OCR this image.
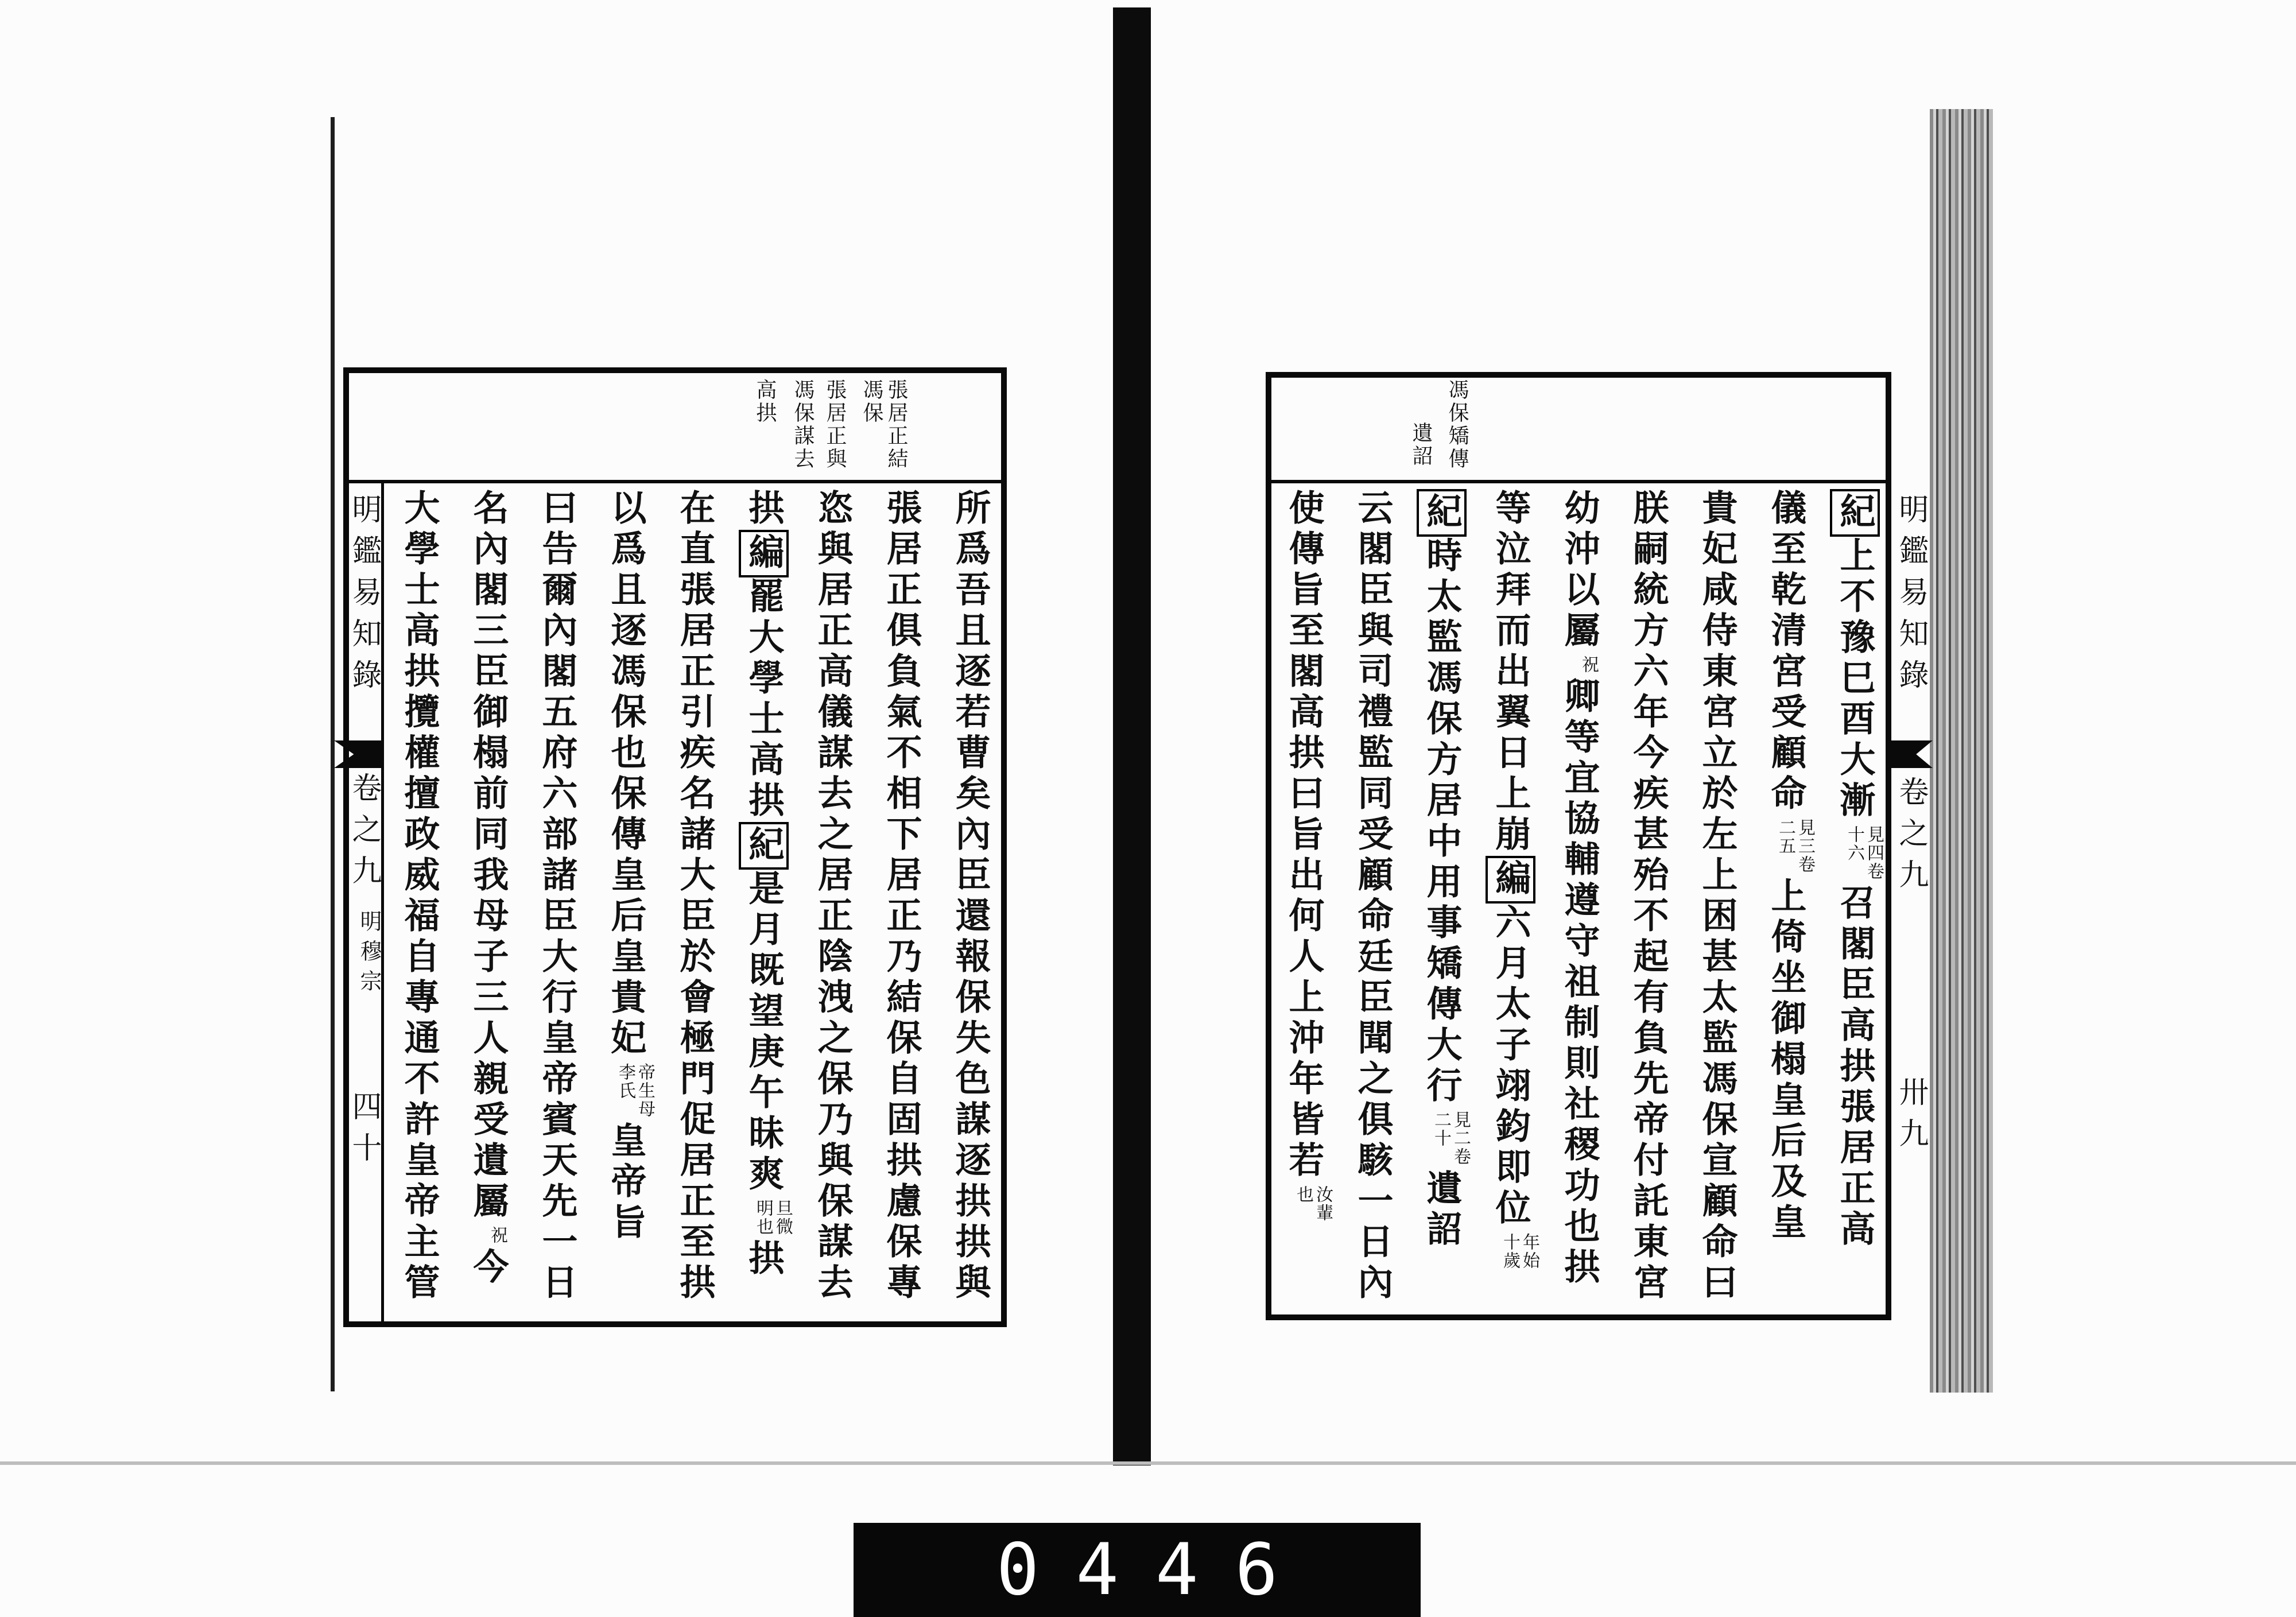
明鑑易知錄
卷之九
明穆宗
四十
張居正結
馮保
張居正與
馮保謀去
高拱
所爲吾且逐若曹矣內臣還報保失色謀逐拱拱與
張居正俱負氣不相下居正乃結保自固拱慮保專
恣與居正高儀謀去之居正陰洩之保乃與保謀去
拱編罷大學士高拱紀是月既望庚午昧爽
旦微
明也
拱
在直張居正引疾名諸大臣於會極門促居正至拱
以爲且逐馮保也保傳皇后皇貴妃
帝生母
李氏
皇帝旨
曰告爾內閣五府六部諸臣大行皇帝賓天先一日
名內閣三臣御榻前同我母子三人親受遺屬
祝
今
大學士高拱攬權擅政威福自專通不許皇帝主管	明鑑易知錄
卷之九
卅九
馮保矯傳
遺詔
紀上不豫巳酉大漸
見四卷
十六
召閣臣高拱張居正高
儀至乾清宮受顧命
見三卷
二五
上倚坐御榻皇后及皇
貴妃咸侍東宮立於左上困甚太監馮保宣顧命曰
朕嗣統方六年今疾甚殆不起有負先帝付託東宮
幼沖以屬
祝
卿等宜協輔遵守祖制則社稷功也拱
等泣拜而出翼日上崩編六月太子翊鈞即位
年始
十歲
紀時太監馮保方居中用事矯傳大行
見二卷
二十
遺詔
云閣臣與司禮監同受顧命廷臣聞之俱駭一日內
使傳旨至閣高拱曰旨出何人上沖年皆若
汝輩
也
0446
